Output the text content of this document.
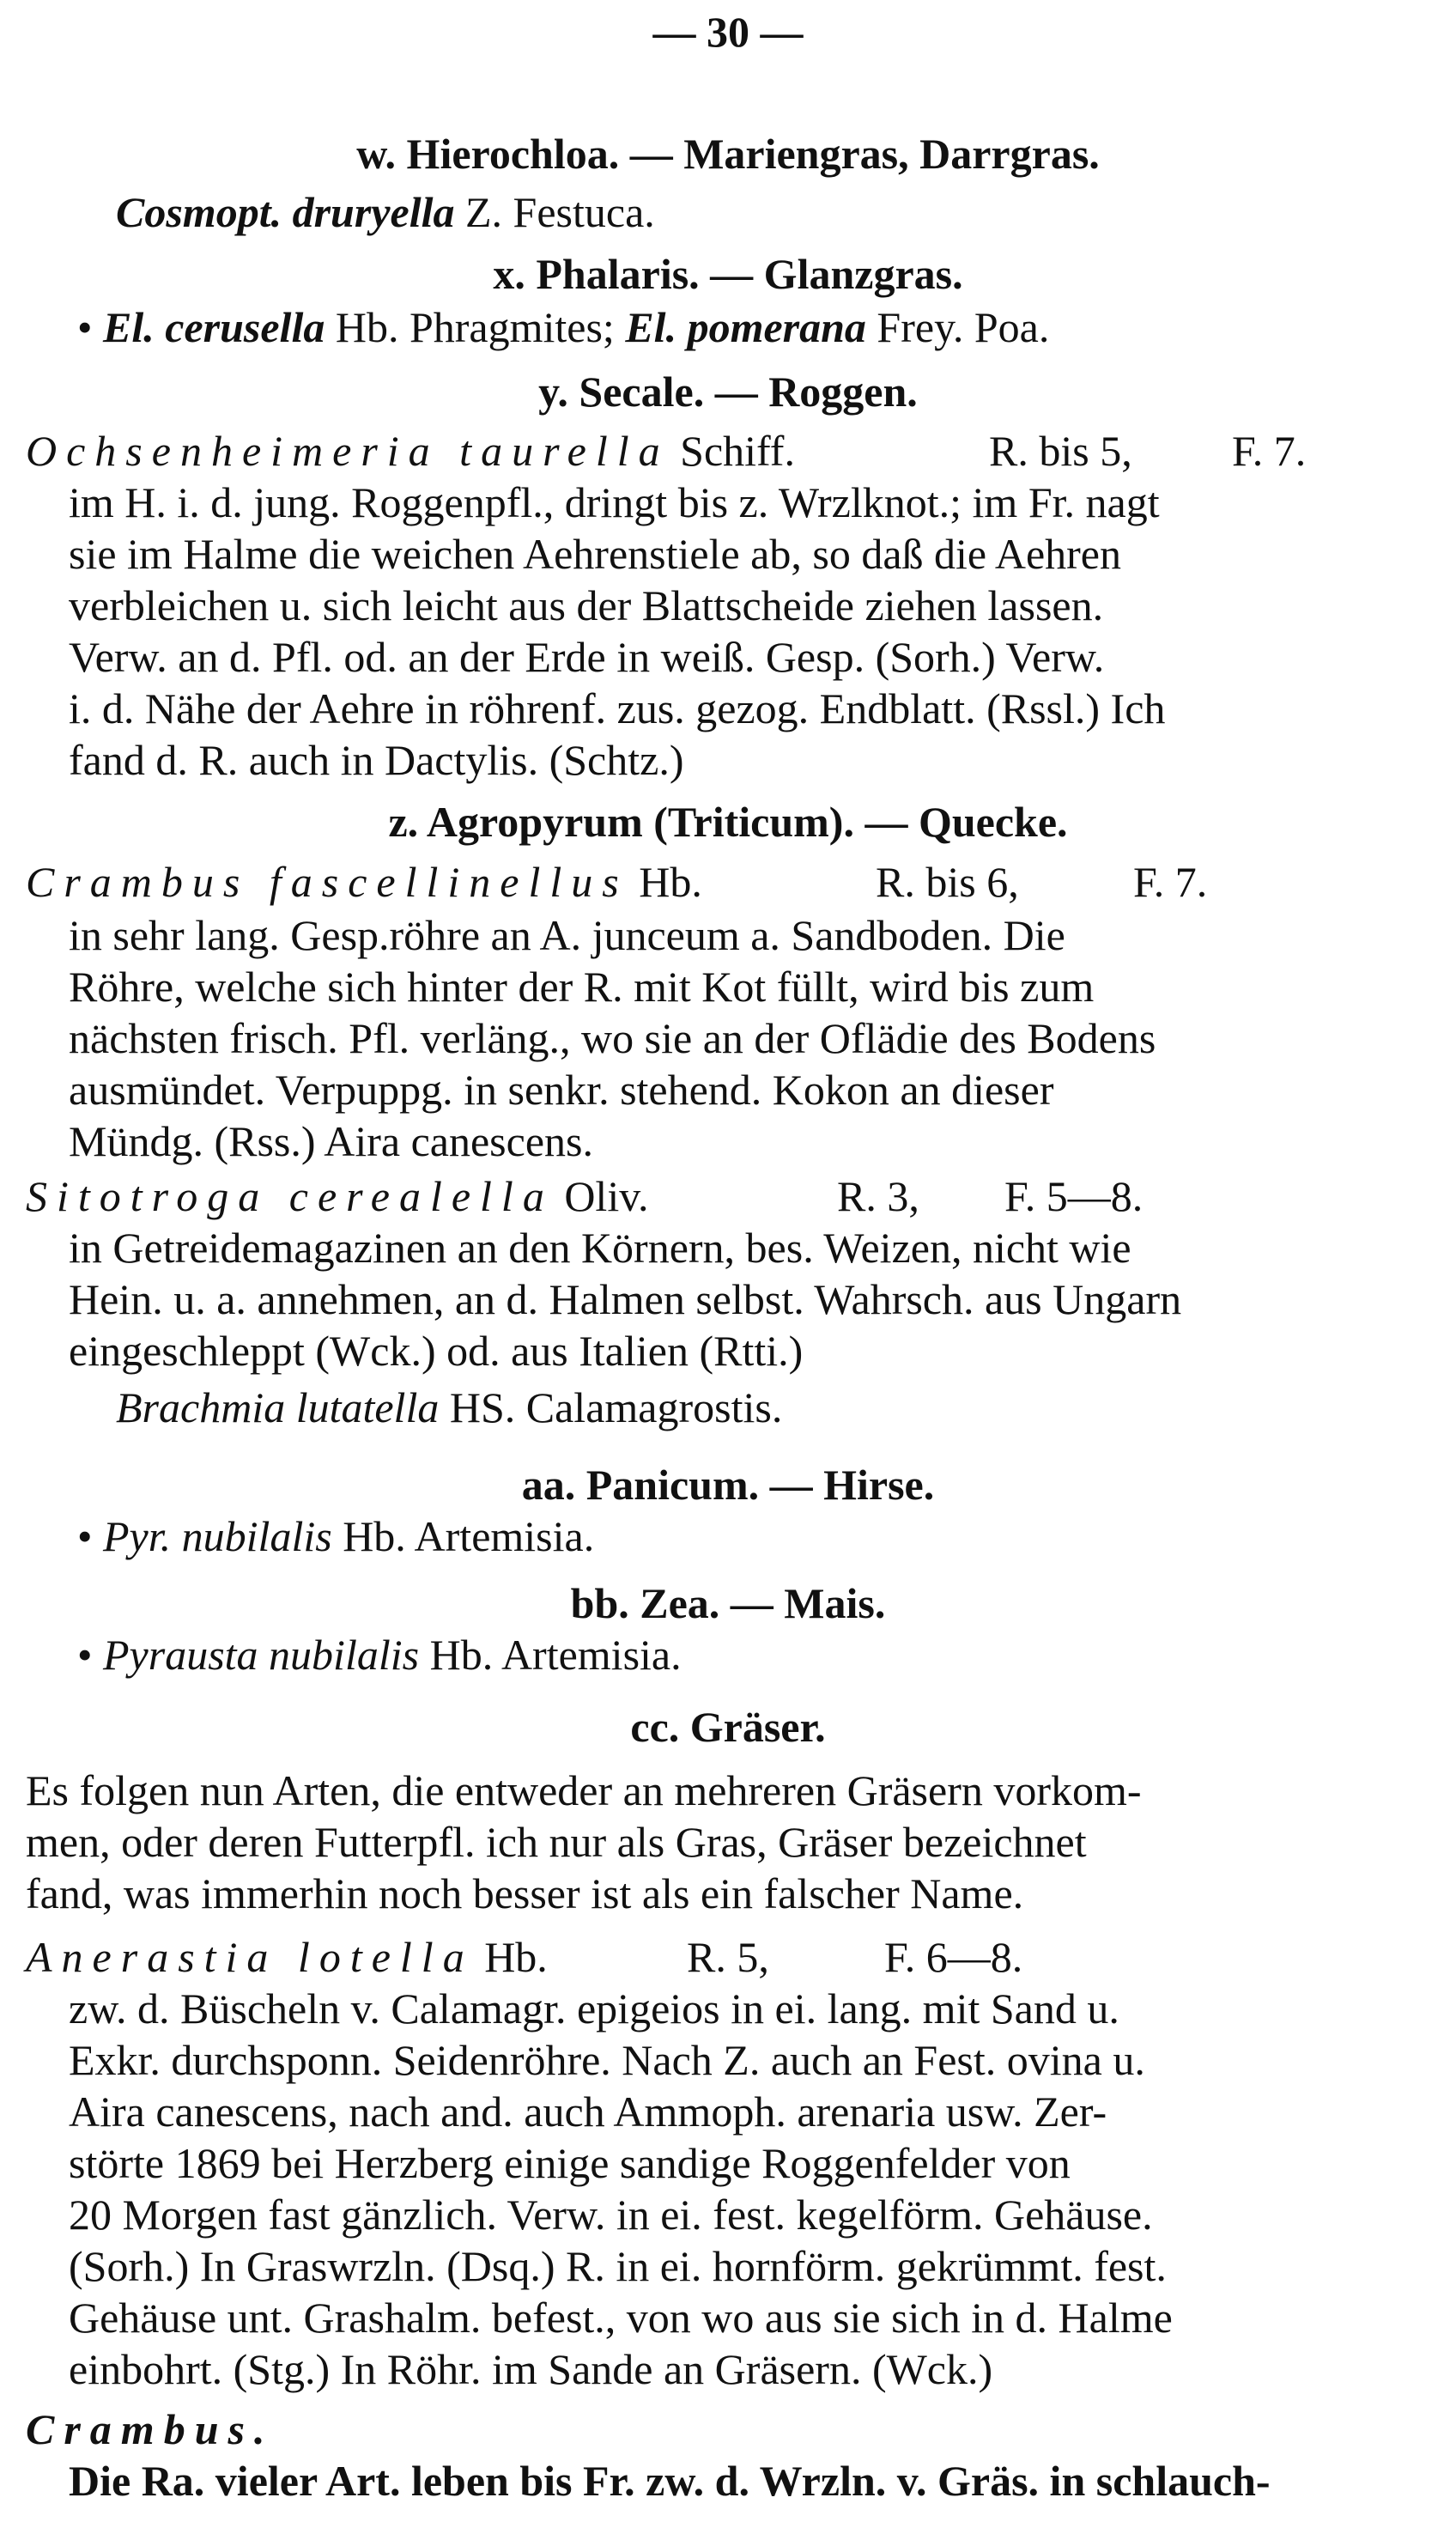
— 30 —
w. Hierochloa. — Mariengras, Darrgras.
Cosmopt. druryella Z. Festuca.
x. Phalaris. — Glanzgras.
• El. cerusella Hb. Phragmites; El. pomerana Frey. Poa.
y. Secale. — Roggen.
Ochsenheimeria taurella Schiff.	R. bis 5, F. 7.
im H. i. d. jung. Roggenpfl., dringt bis z. Wrzlknot.; im Fr. nagt
sie im Halme die weichen Aehrenstiele ab, so daß die Aehren
verbleichen u. sich leicht aus der Blattscheide ziehen lassen.
Verw. an d. Pfl. od. an der Erde in weiß. Gesp. (Sorh.) Verw.
i. d. Nähe der Aehre in röhrenf. zus. gezog. Endblatt. (Rssl.) Ich
fand d. R. auch in Dactylis. (Schtz.)
z. Agropyrum (Triticum). — Quecke.
Crambus fascellinellus Hb.	R. bis 6,	F. 7.
in sehr lang. Gesp.röhre an A. junceum a. Sandboden. Die
Röhre, welche sich hinter der R. mit Kot füllt, wird bis zum
nächsten frisch. Pfl. verläng., wo sie an der Oflädie des Bodens
ausmündet. Verpuppg. in senkr. stehend. Kokon an dieser
Mündg. (Rss.) Aira canescens.
Sitotroga cerealella Oliv.	R. 3, F. 5—8.
in Getreidemagazinen an den Körnern, bes. Weizen, nicht wie
Hein. u. a. annehmen, an d. Halmen selbst. Wahrsch. aus Ungarn
eingeschleppt (Wck.) od. aus Italien (Rtti.)
Brachmia lutatella HS. Calamagrostis.
aa. Panicum. — Hirse.
• Pyr. nubilalis Hb. Artemisia.
bb. Zea. — Mais.
• Pyrausta nubilalis Hb. Artemisia.
cc. Gräser.
Es folgen nun Arten, die entweder an mehreren Gräsern vorkom-
men, oder deren Futterpfl. ich nur als Gras, Gräser bezeichnet
fand, was immerhin noch besser ist als ein falscher Name.
Anerastia lotella Hb.	R. 5,	F. 6—8.
zw. d. Büscheln v. Calamagr. epigeios in ei. lang. mit Sand u.
Exkr. durchsponn. Seidenröhre. Nach Z. auch an Fest. ovina u.
Aira canescens, nach and. auch Ammoph. arenaria usw. Zer-
störte 1869 bei Herzberg einige sandige Roggenfelder von
20 Morgen fast gänzlich. Verw. in ei. fest. kegelförm. Gehäuse.
(Sorh.) In Graswrzln. (Dsq.) R. in ei. hornförm. gekrümmt. fest.
Gehäuse unt. Grashalm. befest., von wo aus sie sich in d. Halme
einbohrt. (Stg.) In Röhr. im Sande an Gräsern. (Wck.)
Crambus.
Die Ra. vieler Art. leben bis Fr. zw. d. Wrzln. v. Gräs. in schlauch-
